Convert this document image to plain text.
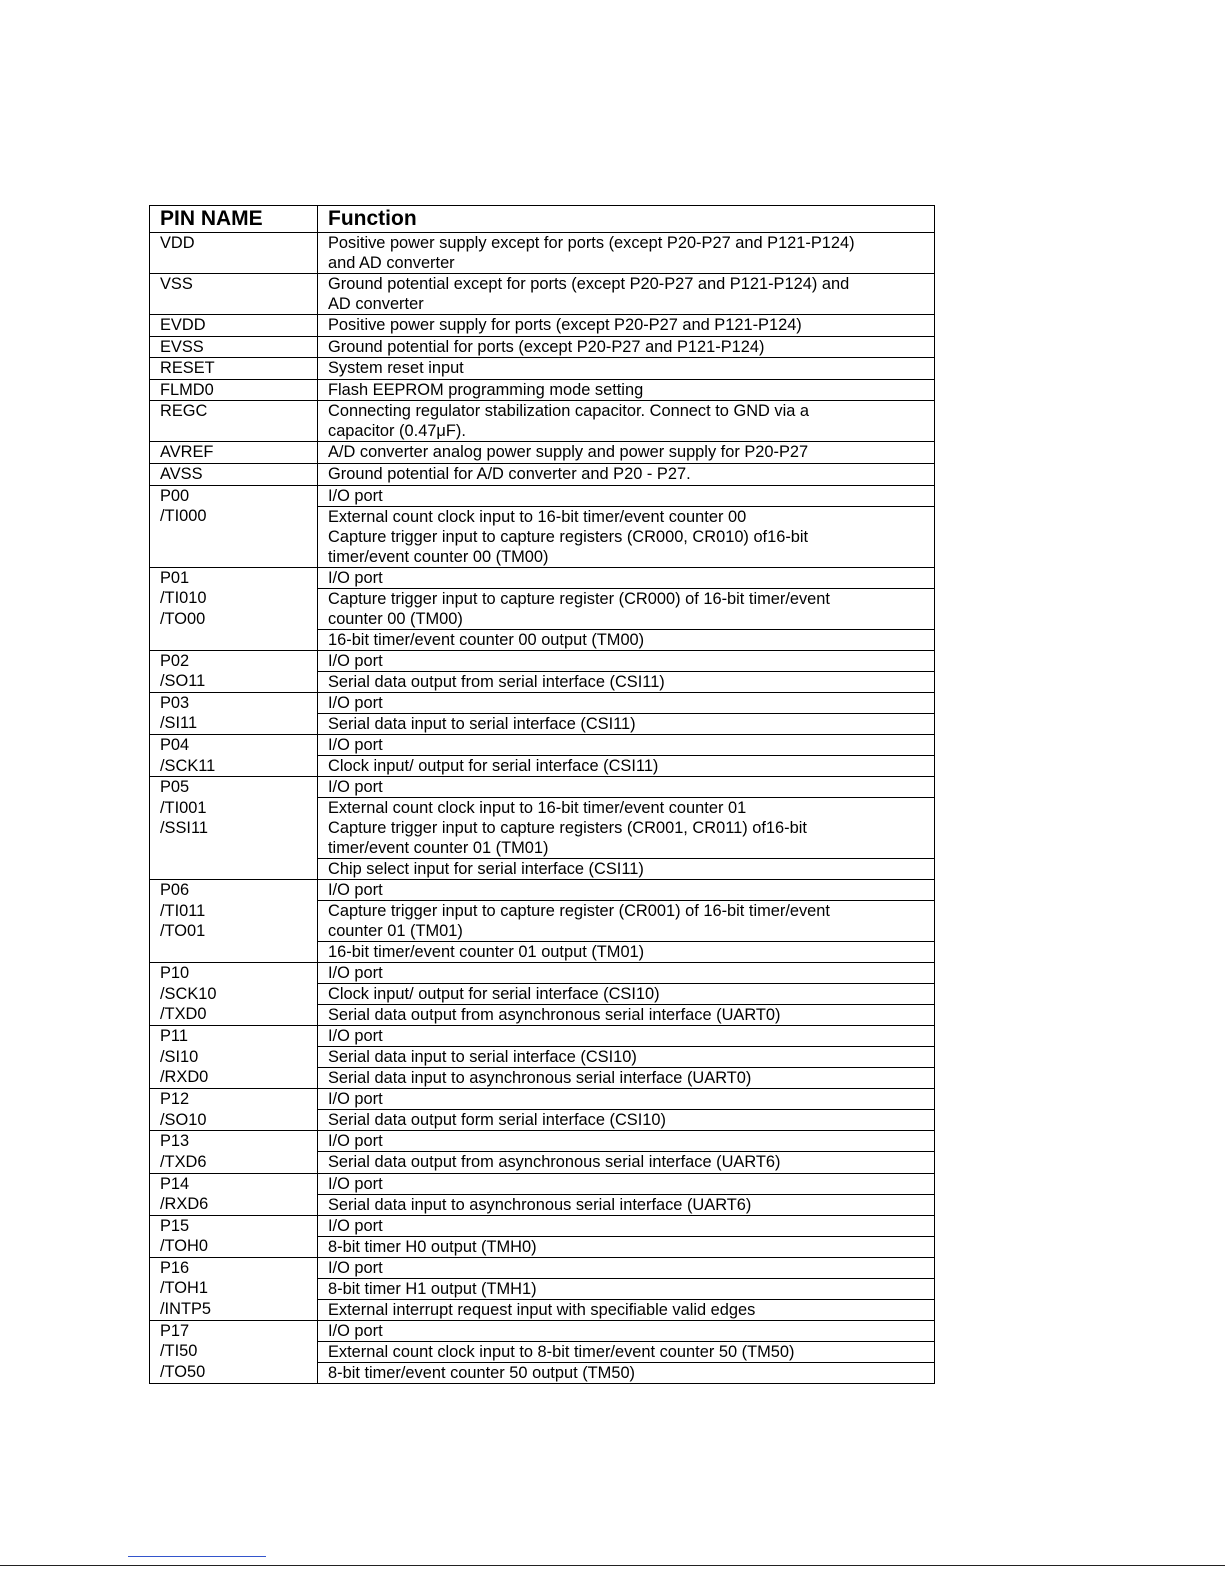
PIN NAME	Function

VDD	Positive power supply except for ports (except P20-P27 and P121-P124)
and AD converter

VSS	Ground potential except for ports (except P20-P27 and P121-P124) and
AD converter

EVDD	Positive power supply for ports (except P20-P27 and P121-P124)

EVSS	Ground potential for ports (except P20-P27 and P121-P124)

RESET	System reset input

FLMD0	Flash EEPROM programming mode setting

REGC	Connecting regulator stabilization capacitor. Connect to GND via a
capacitor (0.47μF).

AVREF	A/D converter analog power supply and power supply for P20-P27

AVSS	Ground potential for A/D converter and P20 - P27.

P00
/TI000	I/O port

	External count clock input to 16-bit timer/event counter 00
Capture trigger input to capture registers (CR000, CR010) of16-bit
timer/event counter 00 (TM00)

P01
/TI010
/TO00	I/O port

	Capture trigger input to capture register (CR000) of 16-bit timer/event
counter 00 (TM00)

	16-bit timer/event counter 00 output (TM00)

P02
/SO11	I/O port

	Serial data output from serial interface (CSI11)

P03
/SI11	I/O port

	Serial data input to serial interface (CSI11)

P04
/SCK11	I/O port

	Clock input/ output for serial interface (CSI11)

P05
/TI001
/SSI11	I/O port

	External count clock input to 16-bit timer/event counter 01
Capture trigger input to capture registers (CR001, CR011) of16-bit
timer/event counter 01 (TM01)

	Chip select input for serial interface (CSI11)

P06
/TI011
/TO01	I/O port

	Capture trigger input to capture register (CR001) of 16-bit timer/event
counter 01 (TM01)

	16-bit timer/event counter 01 output (TM01)

P10
/SCK10
/TXD0	I/O port

	Clock input/ output for serial interface (CSI10)

	Serial data output from asynchronous serial interface (UART0)

P11
/SI10
/RXD0	I/O port

	Serial data input to serial interface (CSI10)

	Serial data input to asynchronous serial interface (UART0)

P12
/SO10	I/O port

	Serial data output form serial interface (CSI10)

P13
/TXD6	I/O port

	Serial data output from asynchronous serial interface (UART6)

P14
/RXD6	I/O port

	Serial data input to asynchronous serial interface (UART6)

P15
/TOH0	I/O port

	8-bit timer H0 output (TMH0)

P16
/TOH1
/INTP5	I/O port

	8-bit timer H1 output (TMH1)

	External interrupt request input with specifiable valid edges

P17
/TI50
/TO50	I/O port

	External count clock input to 8-bit timer/event counter 50 (TM50)

	8-bit timer/event counter 50 output (TM50)
